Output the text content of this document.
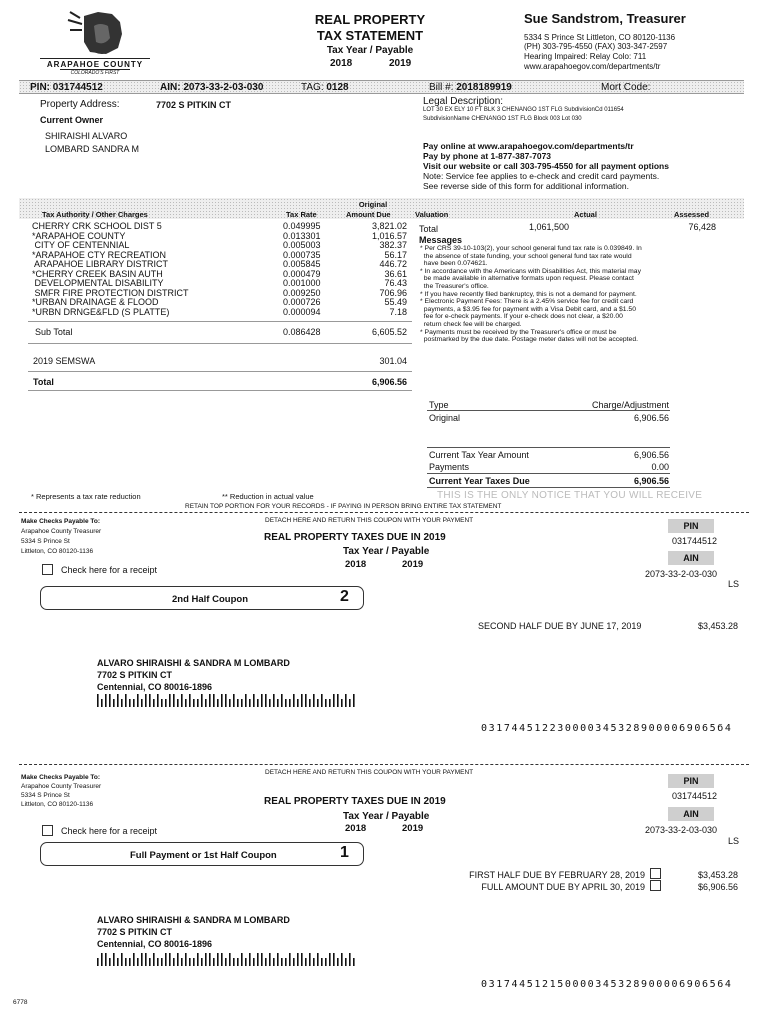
ARAPAHOE COUNTY
COLORADO'S FIRST
REAL PROPERTY
TAX STATEMENT
Tax Year / Payable
2018	2019
Sue Sandstrom, Treasurer
5334 S Prince St Littleton, CO 80120-1136
(PH) 303-795-4550 (FAX) 303-347-2597
Hearing Impaired: Relay Colo: 711
www.arapahoegov.com/departments/tr
PIN: 031744512	AIN: 2073-33-2-03-030	TAG: 0128	Bill #: 2018189919	Mort Code:
Property Address:	7702 S PITKIN CT
Current Owner
SHIRAISHI ALVARO
LOMBARD SANDRA M
Legal Description:
LOT 30 EX ELY 10 FT BLK 3 CHENANGO 1ST FLG SubdivisionCd 011654
SubdivisionName CHENANGO 1ST FLG Block 003 Lot 030
Pay online at www.arapahoegov.com/departments/tr
Pay by phone at 1-877-387-7073
Visit our website or call 303-795-4550 for all payment options
Note: Service fee applies to e-check and credit card payments.
See reverse side of this form for additional information.
Original
Tax Authority / Other Charges	Tax Rate	Amount Due	Valuation	Actual	Assessed
CHERRY CRK SCHOOL DIST 5	0.049995	3,821.02
*ARAPAHOE COUNTY	0.013301	1,016.57
CITY OF CENTENNIAL	0.005003	382.37
*ARAPAHOE CTY RECREATION	0.000735	56.17
ARAPAHOE LIBRARY DISTRICT	0.005845	446.72
*CHERRY CREEK BASIN AUTH	0.000479	36.61
DEVELOPMENTAL DISABILITY	0.001000	76.43
SMFR FIRE PROTECTION DISTRICT	0.009250	706.96
*URBAN DRAINAGE & FLOOD	0.000726	55.49
*URBN DRNGE&FLD (S PLATTE)	0.000094	7.18
Sub Total	0.086428	6,605.52
2019 SEMSWA	301.04
Total	6,906.56
Total	1,061,500	76,428
Messages
* Per CRS 39-10-103(2), your school general fund tax rate is 0.039849. In
the absence of state funding, your school general fund tax rate would
have been 0.074621.
* In accordance with the Americans with Disabilities Act, this material may
be made available in alternative formats upon request. Please contact
the Treasurer's office.
* If you have recently filed bankruptcy, this is not a demand for payment.
* Electronic Payment Fees: There is a 2.45% service fee for credit card
payments, a $3.95 fee for payment with a Visa Debit card, and a $1.50
fee for e-check payments. If your e-check does not clear, a $20.00
return check fee will be charged.
* Payments must be received by the Treasurer's office or must be
postmarked by the due date. Postage meter dates will not be accepted.
Type	Charge/Adjustment
Original	6,906.56
Current Tax Year Amount	6,906.56
Payments	0.00
Current Year Taxes Due	6,906.56
* Represents a tax rate reduction	** Reduction in actual value	THIS IS THE ONLY NOTICE THAT YOU WILL RECEIVE
RETAIN TOP PORTION FOR YOUR RECORDS - IF PAYING IN PERSON BRING ENTIRE TAX STATEMENT
DETACH HERE AND RETURN THIS COUPON WITH YOUR PAYMENT
Make Checks Payable To:
Arapahoe County Treasurer
5334 S Prince St
Littleton, CO 80120-1136
REAL PROPERTY TAXES DUE IN 2019
Tax Year / Payable
2018	2019
PIN
031744512
AIN
2073-33-2-03-030
LS
Check here for a receipt
2nd Half Coupon	2
SECOND HALF DUE BY JUNE 17, 2019	$3,453.28
ALVARO SHIRAISHI & SANDRA M LOMBARD
7702 S PITKIN CT
Centennial, CO 80016-1896
0317445122300003453289000069065б4
DETACH HERE AND RETURN THIS COUPON WITH YOUR PAYMENT
Make Checks Payable To:
Arapahoe County Treasurer
5334 S Prince St
Littleton, CO 80120-1136	REAL PROPERTY TAXES DUE IN 2019
Tax Year / Payable
2018	2019
PIN
031744512
AIN
2073-33-2-03-030
LS
Check here for a receipt
Full Payment or 1st Half Coupon	1
FIRST HALF DUE BY FEBRUARY 28, 2019	$3,453.28
FULL AMOUNT DUE BY APRIL 30, 2019	$6,906.56
ALVARO SHIRAISHI & SANDRA M LOMBARD
7702 S PITKIN CT
Centennial, CO 80016-1896
031744512150000345328900006906564
6778
